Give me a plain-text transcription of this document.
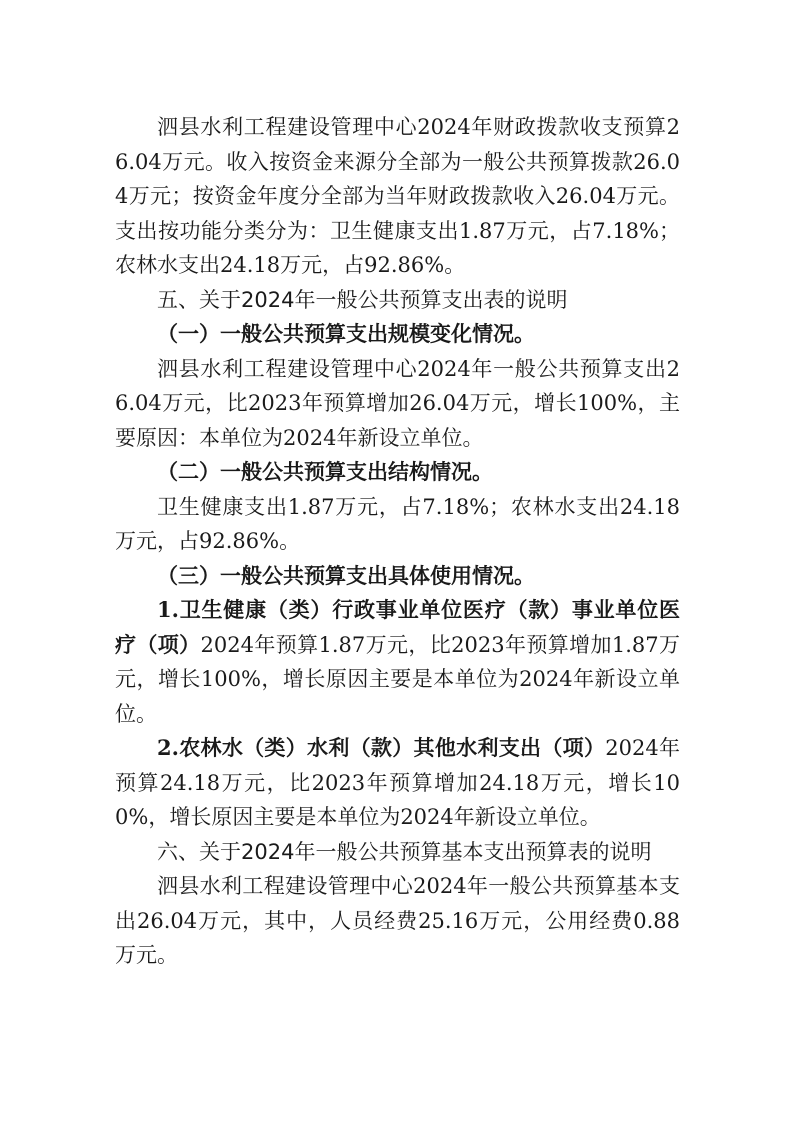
泗县水利工程建设管理中心2024年财政拨款收支预算26.04万元。收入按资金来源分全部为一般公共预算拨款26.04万元；按资金年度分全部为当年财政拨款收入26.04万元。支出按功能分类分为：卫生健康支出1.87万元，占7.18%；农林水支出24.18万元，占92.86%。

五、关于2024年一般公共预算支出表的说明

（一）一般公共预算支出规模变化情况。

泗县水利工程建设管理中心2024年一般公共预算支出26.04万元，比2023年预算增加26.04万元，增长100%，主要原因：本单位为2024年新设立单位。

（二）一般公共预算支出结构情况。

卫生健康支出1.87万元，占7.18%；农林水支出24.18万元，占92.86%。

（三）一般公共预算支出具体使用情况。

1.卫生健康（类）行政事业单位医疗（款）事业单位医疗（项）2024年预算1.87万元，比2023年预算增加1.87万元，增长100%，增长原因主要是本单位为2024年新设立单位。

2.农林水（类）水利（款）其他水利支出（项）2024年预算24.18万元，比2023年预算增加24.18万元，增长100%，增长原因主要是本单位为2024年新设立单位。

六、关于2024年一般公共预算基本支出预算表的说明

泗县水利工程建设管理中心2024年一般公共预算基本支出26.04万元，其中，人员经费25.16万元，公用经费0.88万元。
